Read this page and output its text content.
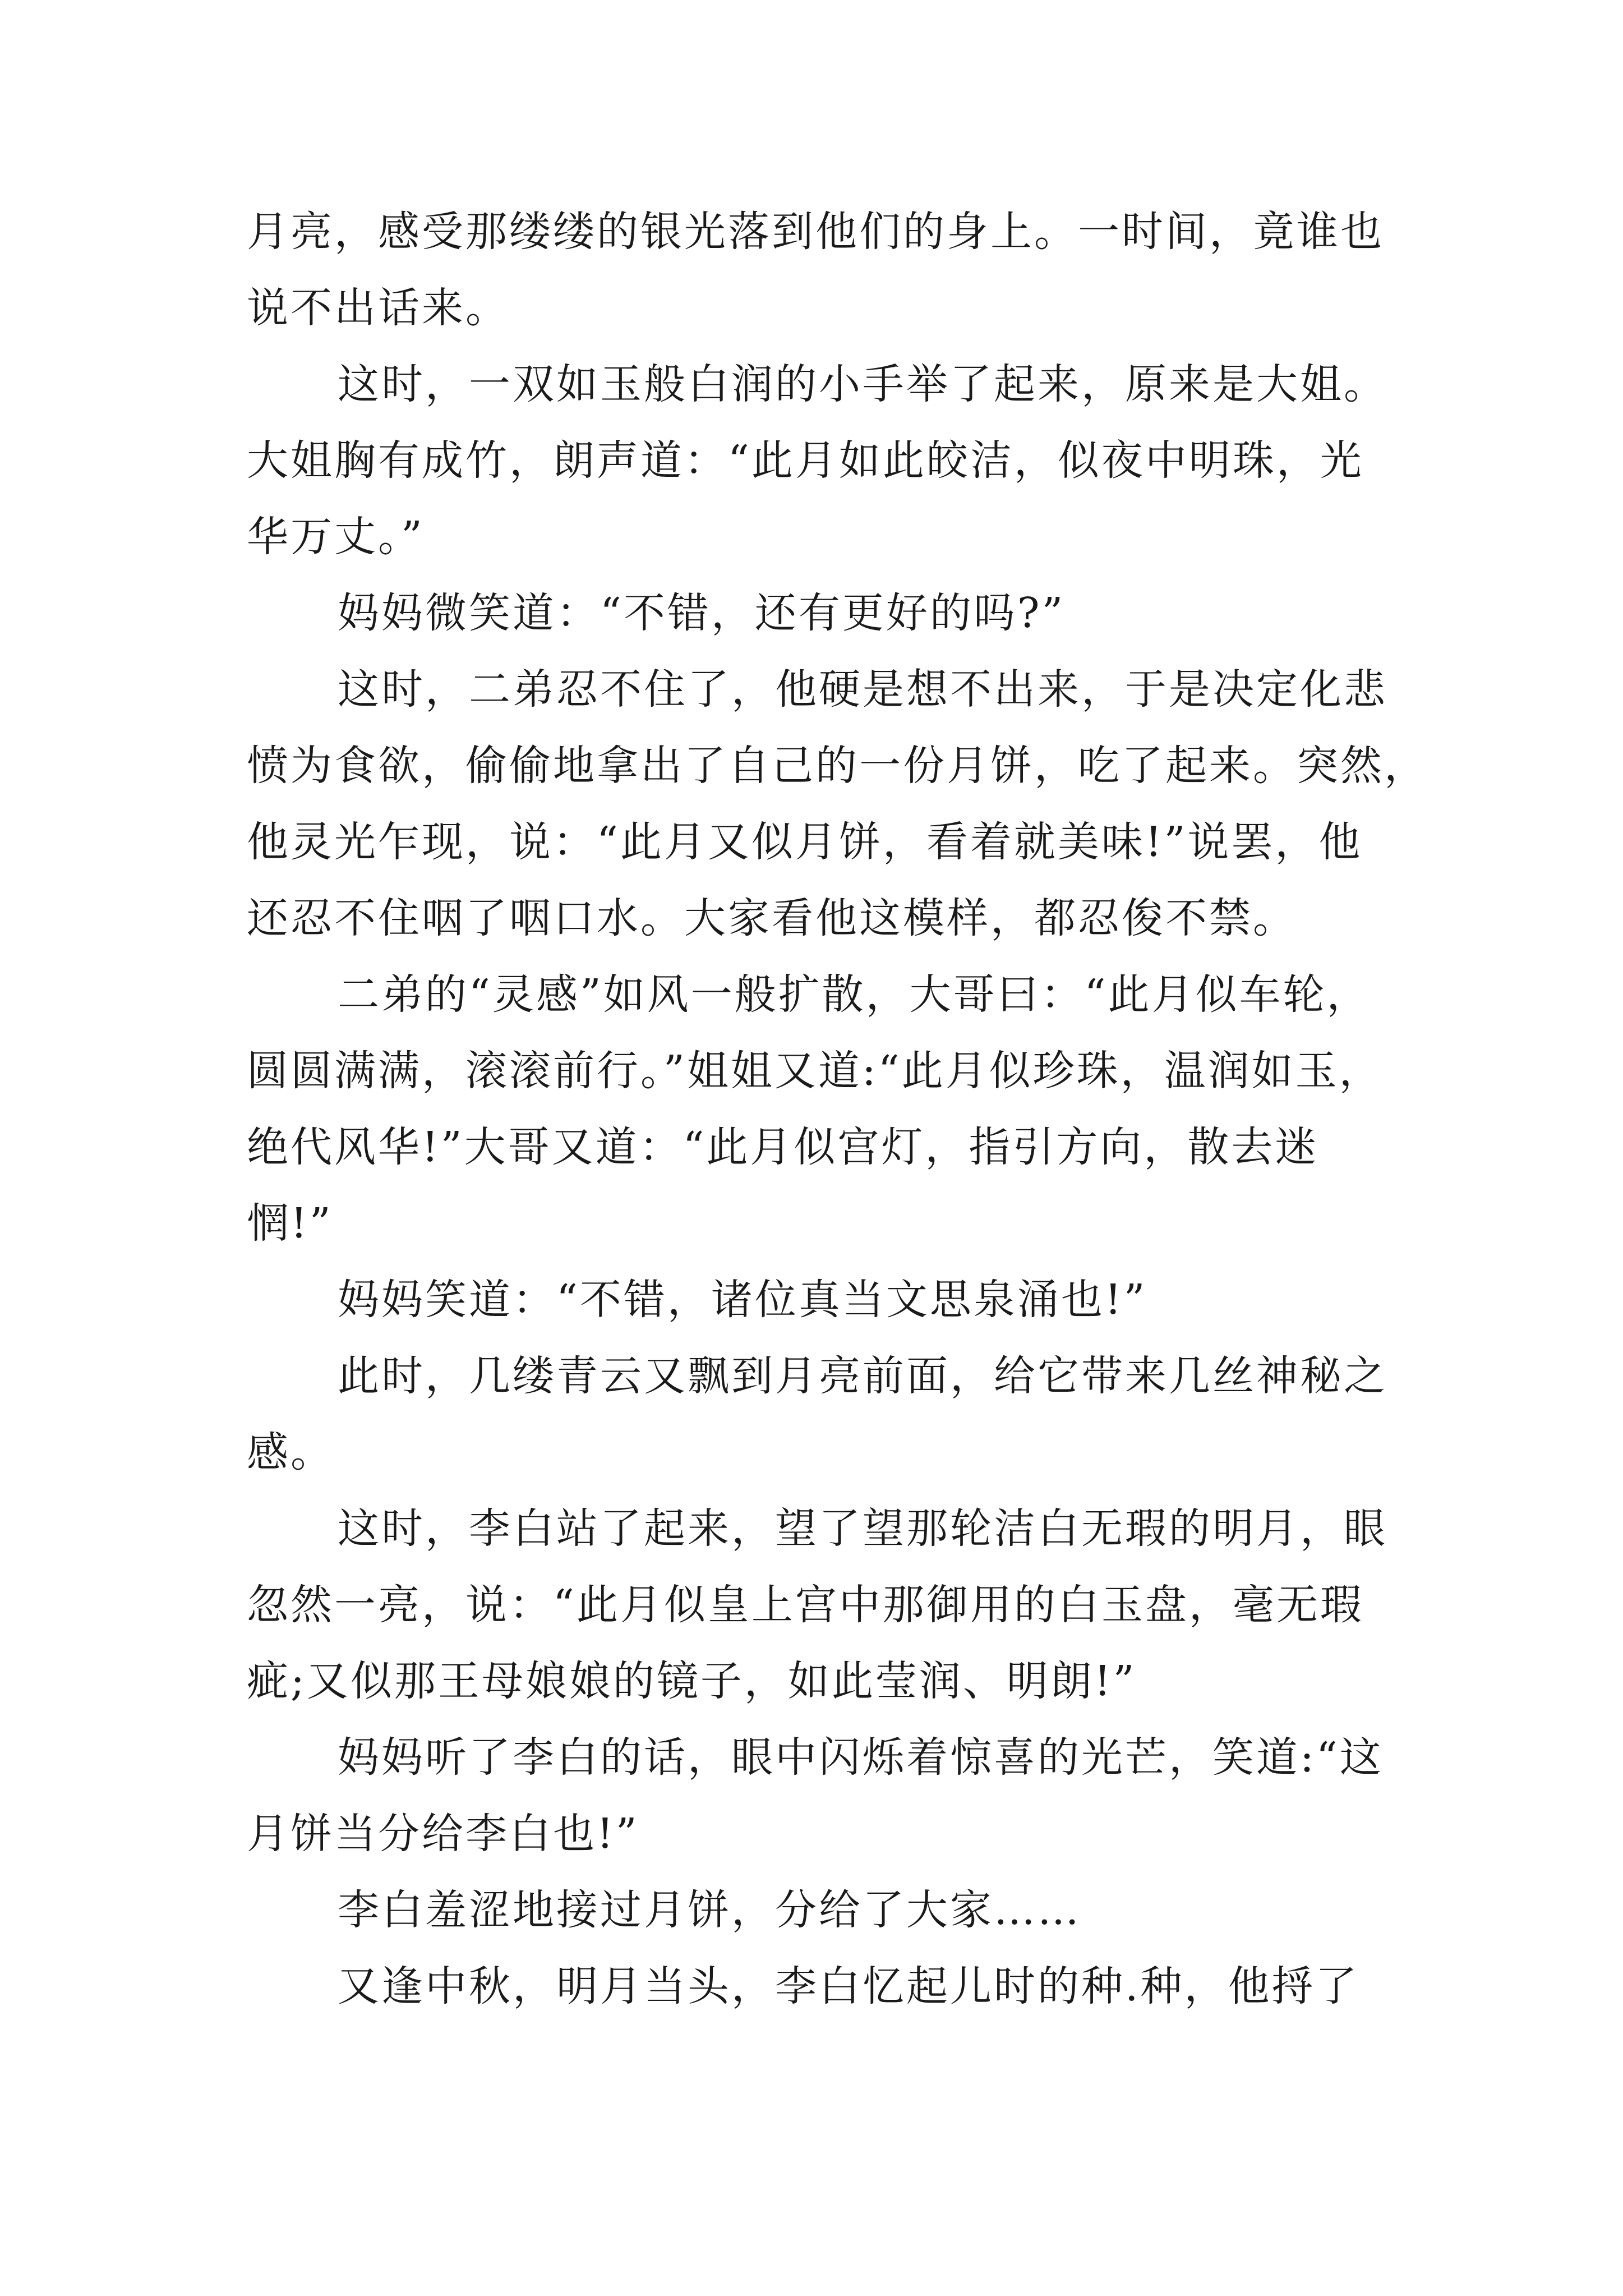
月亮，感受那缕缕的银光落到他们的身上。一时间，竟谁也
说不出话来。
这时，一双如玉般白润的小手举了起来，原来是大姐。
大姐胸有成竹，朗声道：“此月如此皎洁，似夜中明珠，光
华万丈。”
妈妈微笑道：“不错，还有更好的吗?”
这时，二弟忍不住了，他硬是想不出来，于是决定化悲
愤为食欲，偷偷地拿出了自己的一份月饼，吃了起来。突然，
他灵光乍现，说：“此月又似月饼，看着就美味!”说罢，他
还忍不住咽了咽口水。大家看他这模样，都忍俊不禁。
二弟的“灵感”如风一般扩散，大哥曰：“此月似车轮，
圆圆满满，滚滚前行。”姐姐又道:“此月似珍珠，温润如玉，
绝代风华!”大哥又道：“此月似宫灯，指引方向，散去迷
惘!”
妈妈笑道：“不错，诸位真当文思泉涌也!”
此时，几缕青云又飘到月亮前面，给它带来几丝神秘之
感。
这时，李白站了起来，望了望那轮洁白无瑕的明月，眼
忽然一亮，说：“此月似皇上宫中那御用的白玉盘，毫无瑕
疵;又似那王母娘娘的镜子，如此莹润、明朗!”
妈妈听了李白的话，眼中闪烁着惊喜的光芒，笑道:“这
月饼当分给李白也!”
李白羞涩地接过月饼，分给了大家……
又逢中秋，明月当头，李白忆起儿时的种.种，他捋了
